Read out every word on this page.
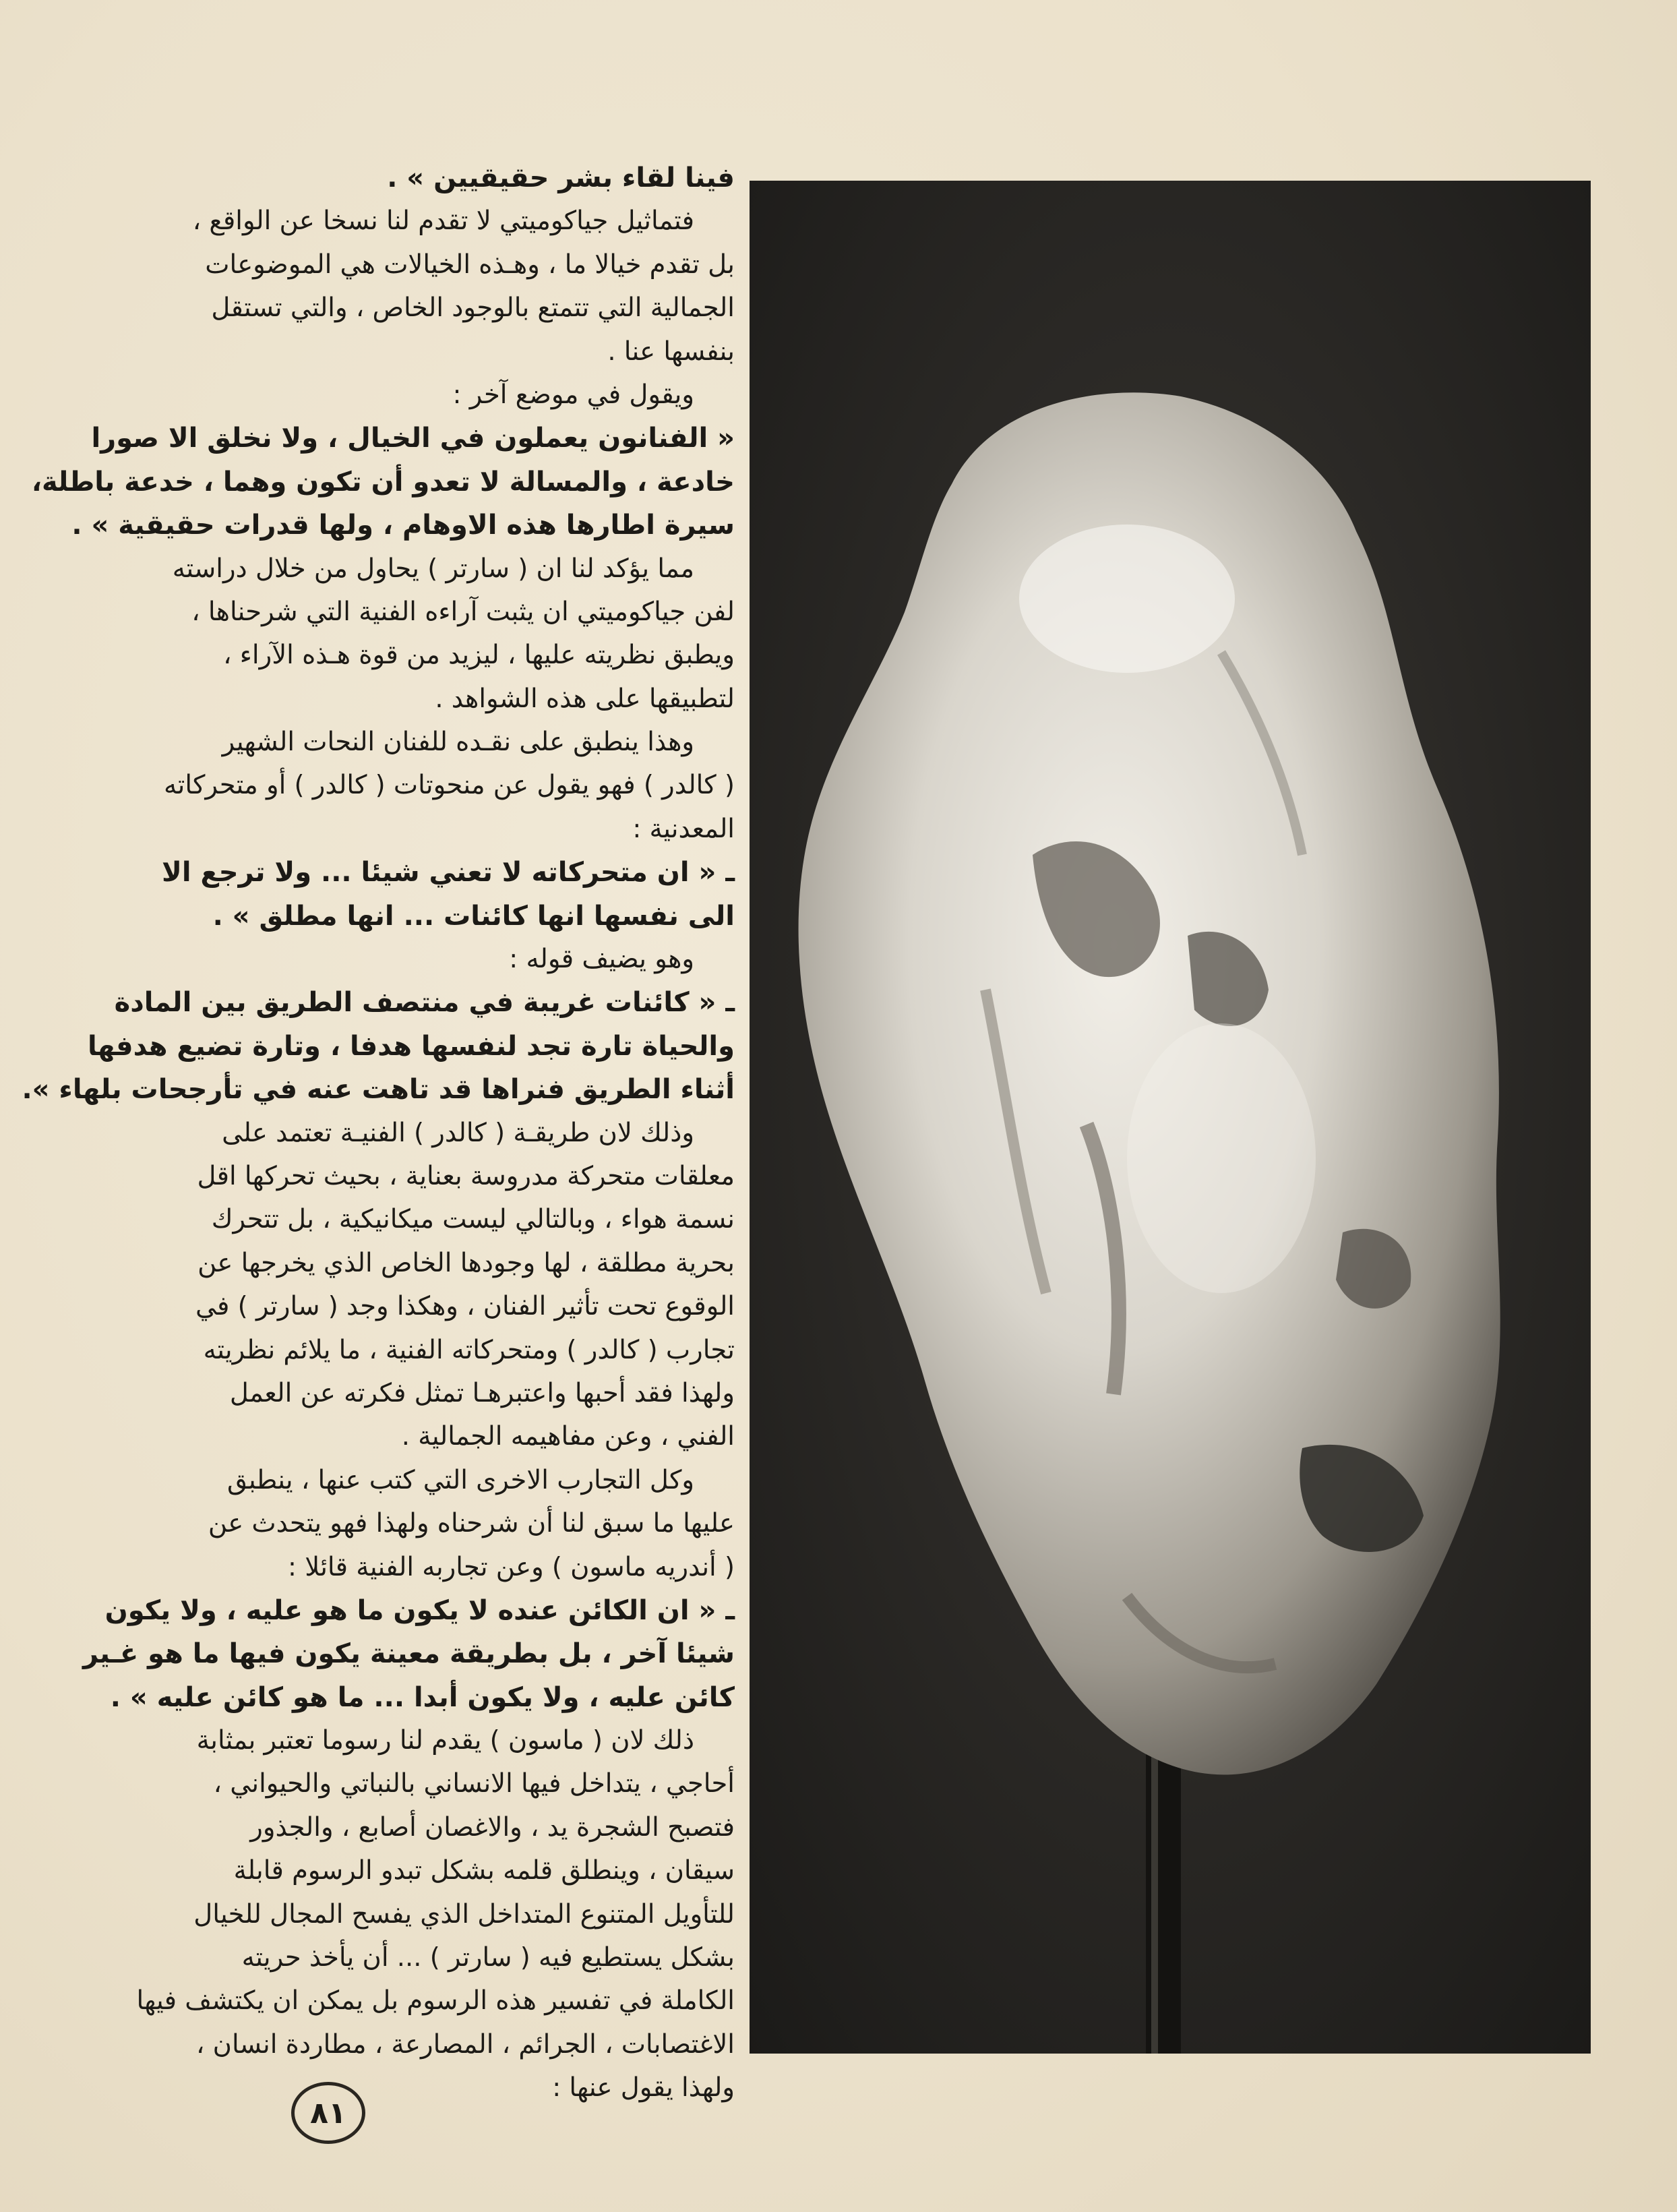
فينا لقاء بشر حقيقيين » .
فتماثيل جياكوميتي لا تقدم لنا نسخا عن الواقع ،
بل تقدم خيالا ما ، وهـذه الخيالات هي الموضوعات
الجمالية التي تتمتع بالوجود الخاص ، والتي تستقل
بنفسها عنا .
ويقول في موضع آخر :
« الفنانون يعملون في الخيال ، ولا نخلق الا صورا
خادعة ، والمسالة لا تعدو أن تكون وهما ، خدعة باطلة،
سيرة اطارها هذه الاوهام ، ولها قدرات حقيقية » .
مما يؤكد لنا ان ( سارتر ) يحاول من خلال دراسته
لفن جياكوميتي ان يثبت آراءه الفنية التي شرحناها ،
ويطبق نظريته عليها ، ليزيد من قوة هـذه الآراء ،
لتطبيقها على هذه الشواهد .
وهذا ينطبق على نقـده للفنان النحات الشهير
( كالدر ) فهو يقول عن منحوتات ( كالدر ) أو متحركاته
المعدنية :
ـ « ان متحركاته لا تعني شيئا ... ولا ترجع الا
الى نفسها انها كائنات ... انها مطلق » .
وهو يضيف قوله :
ـ « كائنات غريبة في منتصف الطريق بين المادة
والحياة تارة تجد لنفسها هدفا ، وتارة تضيع هدفها
أثناء الطريق فنراها قد تاهت عنه في تأرجحات بلهاء ».
وذلك لان طريقـة ( كالدر ) الفنيـة تعتمد على
معلقات متحركة مدروسة بعناية ، بحيث تحركها اقل
نسمة هواء ، وبالتالي ليست ميكانيكية ، بل تتحرك
بحرية مطلقة ، لها وجودها الخاص الذي يخرجها عن
الوقوع تحت تأثير الفنان ، وهكذا وجد ( سارتر ) في
تجارب ( كالدر ) ومتحركاته الفنية ، ما يلائم نظريته
ولهذا فقد أحبها واعتبرهـا تمثل فكرته عن العمل
الفني ، وعن مفاهيمه الجمالية .
وكل التجارب الاخرى التي كتب عنها ، ينطبق
عليها ما سبق لنا أن شرحناه ولهذا فهو يتحدث عن
( أندريه ماسون ) وعن تجاربه الفنية قائلا :
ـ « ان الكائن عنده لا يكون ما هو عليه ، ولا يكون
شيئا آخر ، بل بطريقة معينة يكون فيها ما هو غـير
كائن عليه ، ولا يكون أبدا ... ما هو كائن عليه » .
ذلك لان ( ماسون ) يقدم لنا رسوما تعتبر بمثابة
أحاجي ، يتداخل فيها الانساني بالنباتي والحيواني ،
فتصبح الشجرة يد ، والاغصان أصابع ، والجذور
سيقان ، وينطلق قلمه بشكل تبدو الرسوم قابلة
للتأويل المتنوع المتداخل الذي يفسح المجال للخيال
بشكل يستطيع فيه ( سارتر ) ... أن يأخذ حريته
الكاملة في تفسير هذه الرسوم بل يمكن ان يكتشف فيها
الاغتصابات ، الجرائم ، المصارعة ، مطاردة انسان ،
ولهذا يقول عنها :
٨١
